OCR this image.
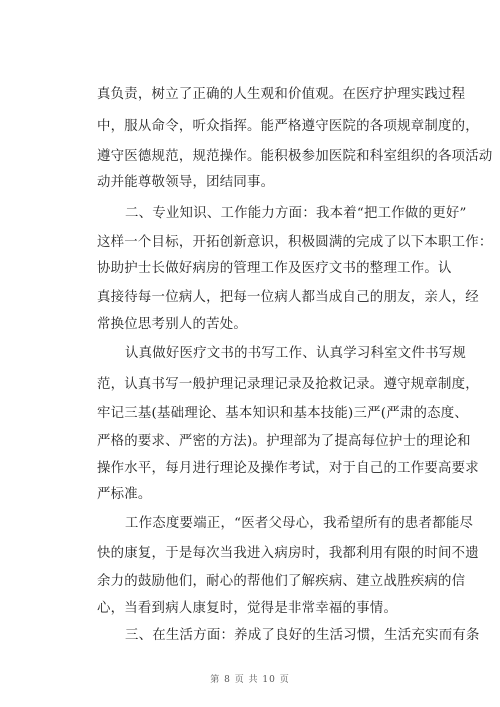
真负责，树立了正确的人生观和价值观。在医疗护理实践过程
中，服从命令，听众指挥。能严格遵守医院的各项规章制度的，
遵守医德规范，规范操作。能积极参加医院和科室组织的各项活动
动并能尊敬领导，团结同事。
二、专业知识、工作能力方面：我本着“把工作做的更好”
这样一个目标，开拓创新意识，积极圆满的完成了以下本职工作：
协助护士长做好病房的管理工作及医疗文书的整理工作。认
真接待每一位病人，把每一位病人都当成自己的朋友，亲人，经
常换位思考别人的苦处。
认真做好医疗文书的书写工作、认真学习科室文件书写规
范，认真书写一般护理记录理记录及抢救记录。遵守规章制度，
牢记三基(基础理论、基本知识和基本技能)三严(严肃的态度、
严格的要求、严密的方法)。护理部为了提高每位护士的理论和
操作水平，每月进行理论及操作考试，对于自己的工作要高要求
严标准。
工作态度要端正，“医者父母心，我希望所有的患者都能尽
快的康复，于是每次当我进入病房时，我都利用有限的时间不遗
余力的鼓励他们，耐心的帮他们了解疾病、建立战胜疾病的信
心，当看到病人康复时，觉得是非常幸福的事情。
三、在生活方面：养成了良好的生活习惯，生活充实而有条
第 8 页 共 10 页
